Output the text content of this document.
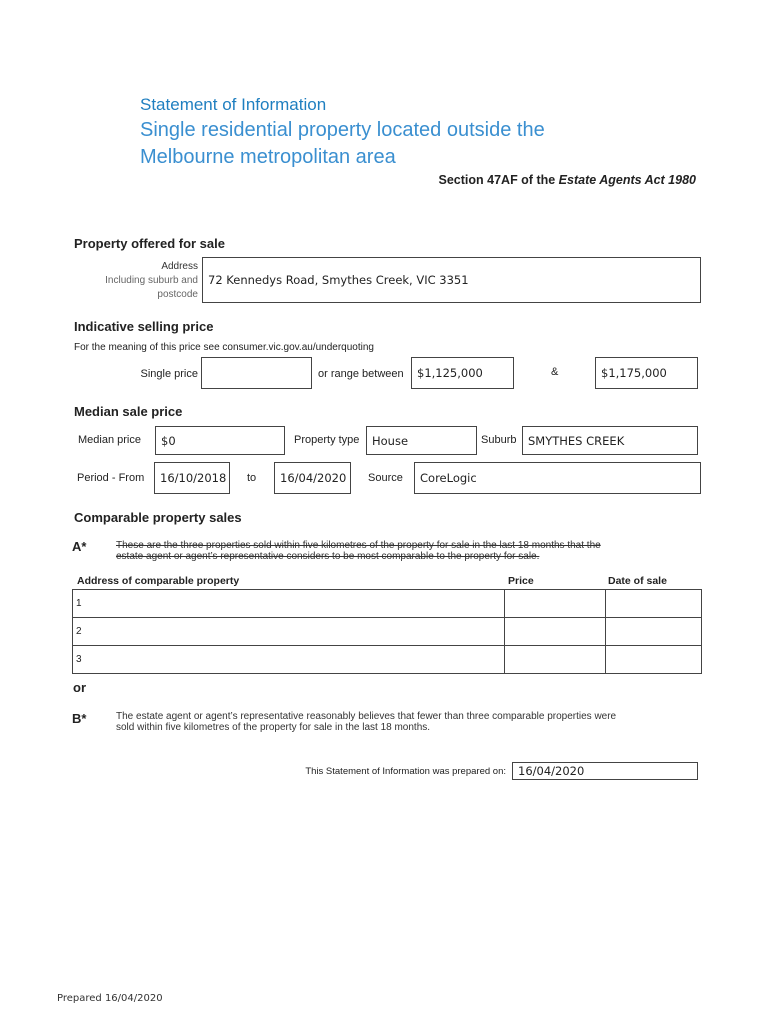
Statement of Information
Single residential property located outside the
Melbourne metropolitan area
Section 47AF of the Estate Agents Act 1980
Property offered for sale
Address
Including suburb and
postcode
72 Kennedys Road, Smythes Creek, VIC 3351
Indicative selling price
For the meaning of this price see consumer.vic.gov.au/underquoting
Single price	or range between $1,125,000	&	$1,175,000
Median sale price
Median price $0	Property type House	Suburb SMYTHES CREEK
Period - From 16/10/2018 to 16/04/2020 Source CoreLogic
Comparable property sales
A*	These are the three properties sold within five kilometres of the property for sale in the last 18 months that the
estate agent or agent’s representative considers to be most comparable to the property for sale.
Address of comparable property	Price	Date of sale
1		
2		
3		
or
B*	The estate agent or agent’s representative reasonably believes that fewer than three comparable properties were
sold within five kilometres of the property for sale in the last 18 months.
This Statement of Information was prepared on: 16/04/2020
Prepared 16/04/2020
